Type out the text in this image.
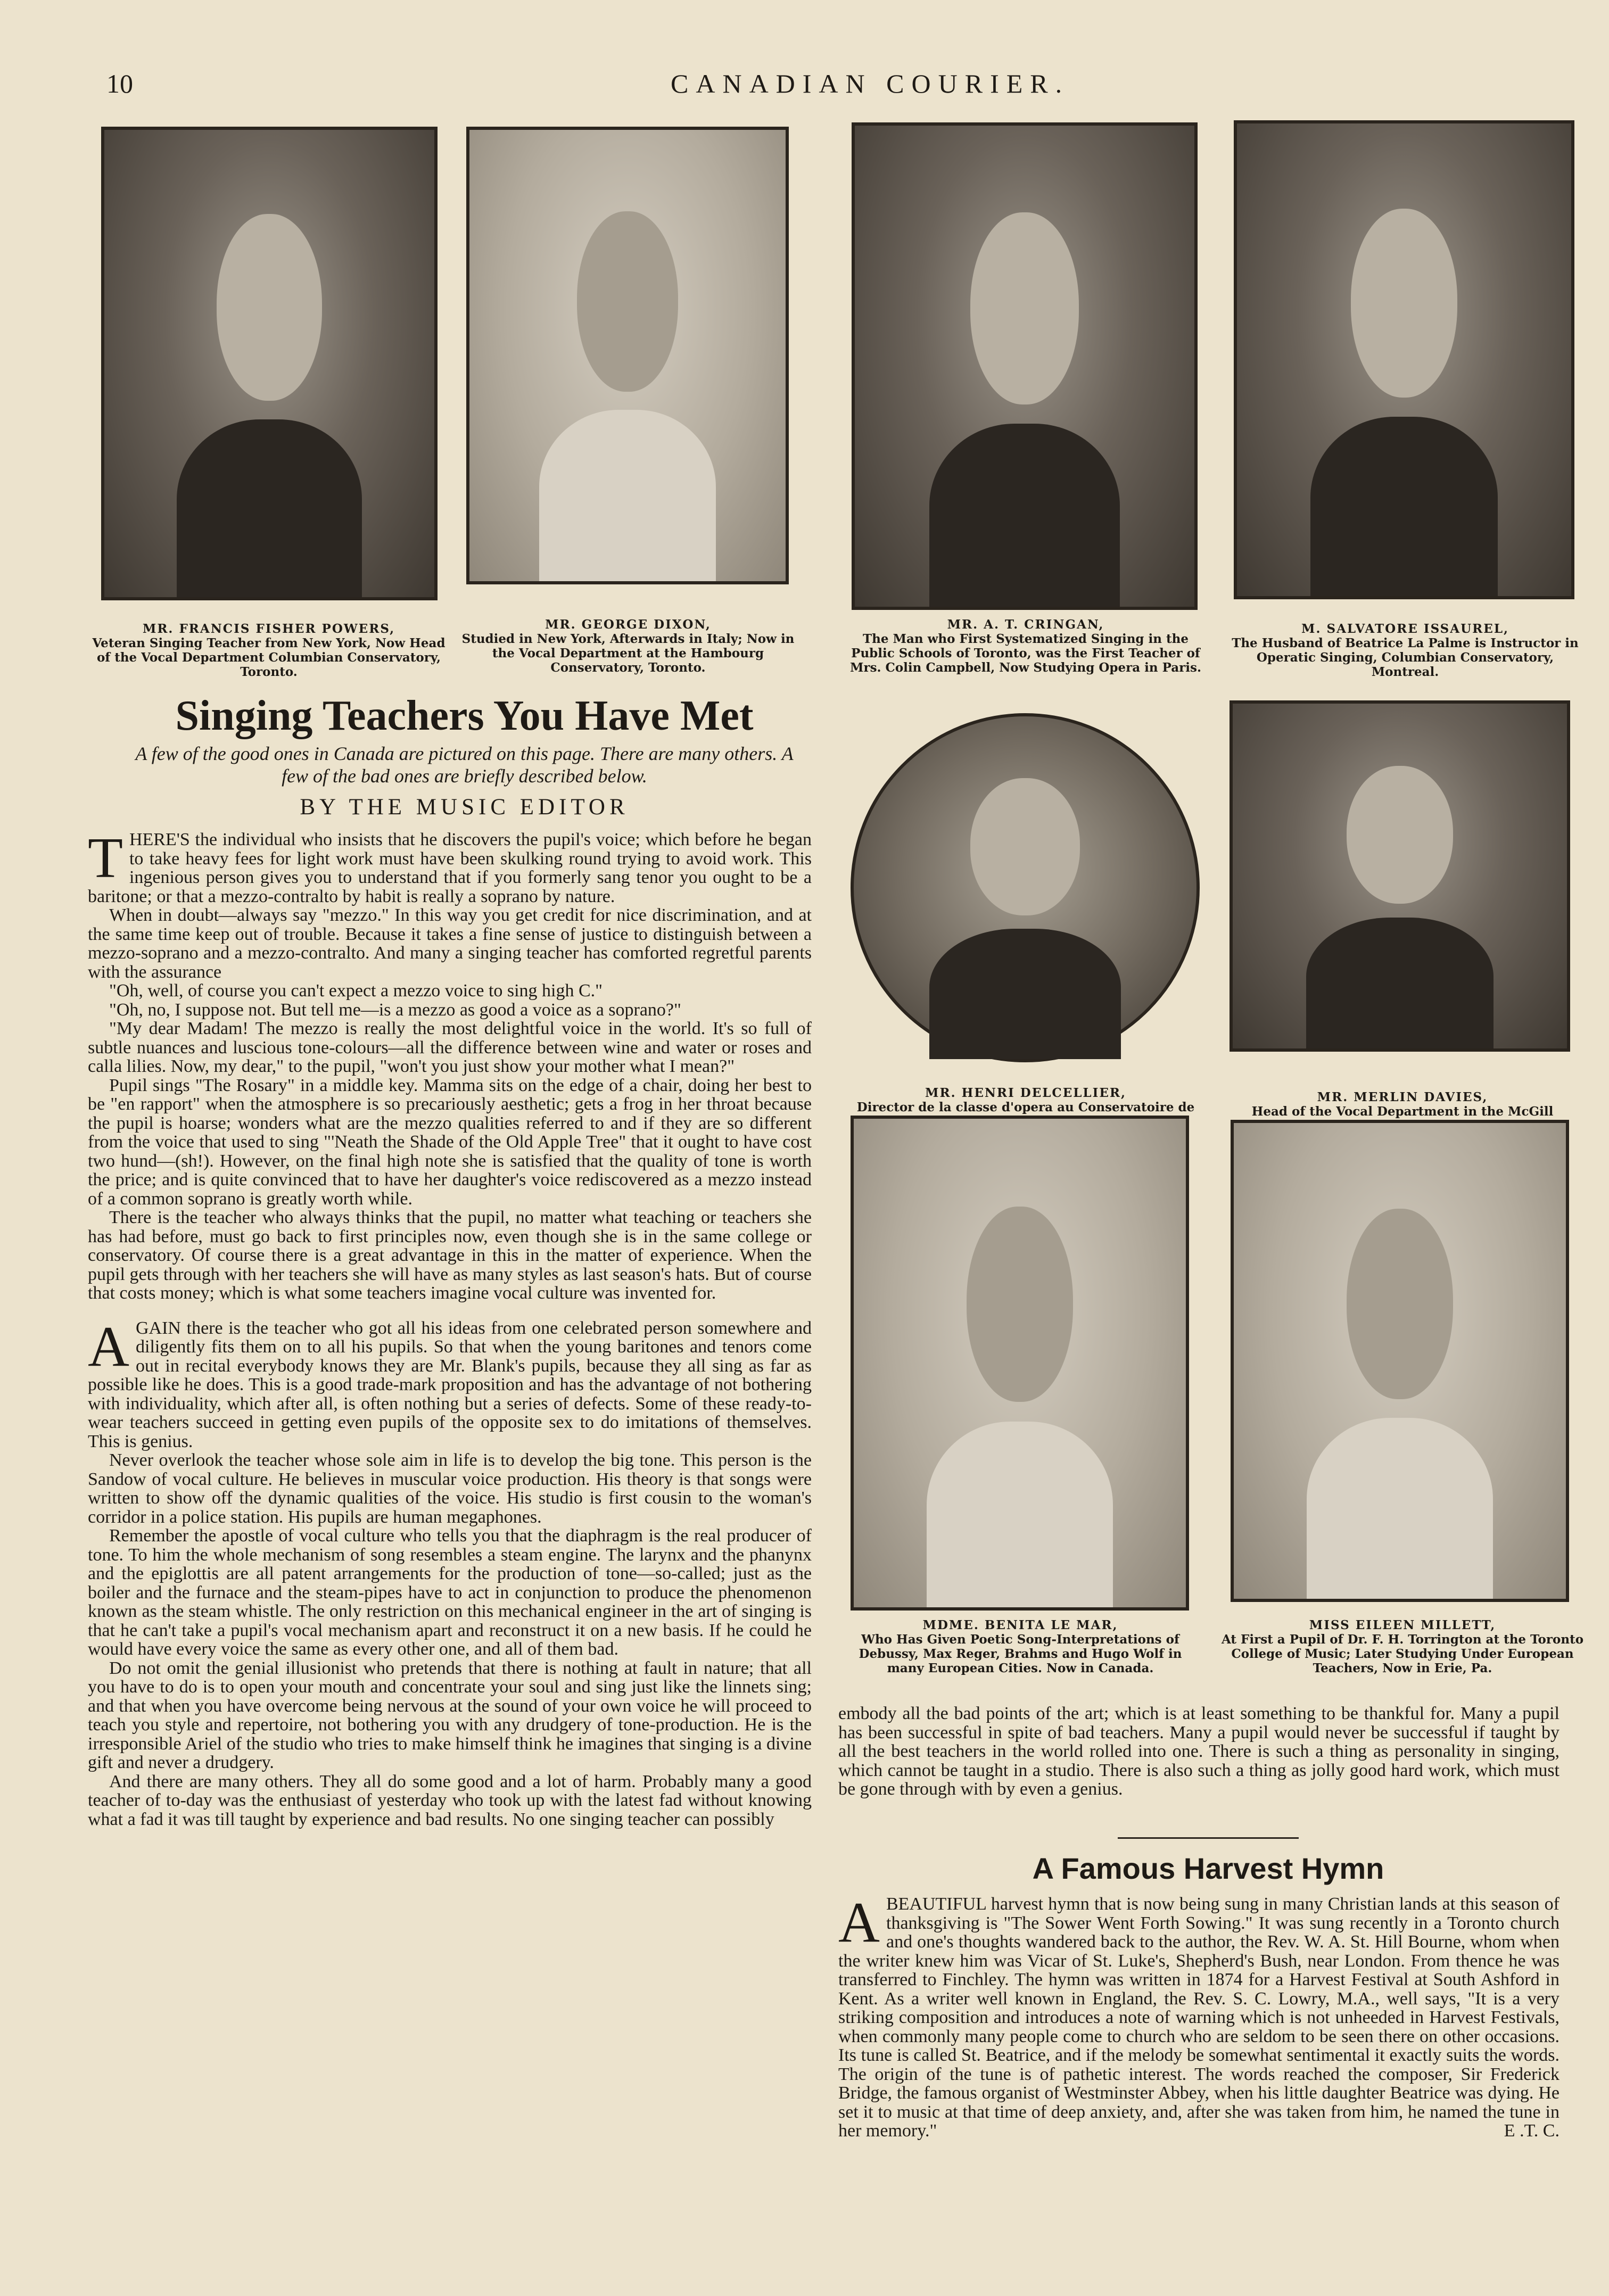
10	CANADIAN COURIER.
MR. FRANCIS FISHER POWERS,
Veteran Singing Teacher from New York, Now Head of the Vocal Department Columbian Conservatory, Toronto.
MR. GEORGE DIXON,
Studied in New York, Afterwards in Italy; Now in the Vocal Department at the Hambourg Conservatory, Toronto.
MR. A. T. CRINGAN,
The Man who First Systematized Singing in the Public Schools of Toronto, was the First Teacher of Mrs. Colin Campbell, Now Studying Opera in Paris.
M. SALVATORE ISSAUREL,
The Husband of Beatrice La Palme is Instructor in Operatic Singing, Columbian Conservatory, Montreal.
Singing Teachers You Have Met
A few of the good ones in Canada are pictured on this page. There are many others. A few of the bad ones are briefly described below.
BY THE MUSIC EDITOR
MR. HENRI DELCELLIER,
Director de la classe d'opera au Conservatoire de
MR. MERLIN DAVIES,
Head of the Vocal Department in the McGill
MDME. BENITA LE MAR,
Who Has Given Poetic Song-Interpretations of Debussy, Max Reger, Brahms and Hugo Wolf in many European Cities. Now in Canada.
MISS EILEEN MILLETT,
At First a Pupil of Dr. F. H. Torrington at the Toronto College of Music; Later Studying Under European Teachers, Now in Erie, Pa.

THERE'S the individual who insists that he discovers the pupil's voice; which before he began to take heavy fees for light work must have been skulking round trying to avoid work. This ingenious person gives you to understand that if you formerly sang tenor you ought to be a baritone; or that a mezzo-contralto by habit is really a soprano by nature.

When in doubt—always say "mezzo." In this way you get credit for nice discrimination, and at the same time keep out of trouble. Because it takes a fine sense of justice to distinguish between a mezzo-soprano and a mezzo-contralto. And many a singing teacher has comforted regretful parents with the assurance

"Oh, well, of course you can't expect a mezzo voice to sing high C."

"Oh, no, I suppose not. But tell me—is a mezzo as good a voice as a soprano?"

"My dear Madam! The mezzo is really the most delightful voice in the world. It's so full of subtle nuances and luscious tone-colours—all the difference between wine and water or roses and calla lilies. Now, my dear," to the pupil, "won't you just show your mother what I mean?"

Pupil sings "The Rosary" in a middle key. Mamma sits on the edge of a chair, doing her best to be "en rapport" when the atmosphere is so precariously aesthetic; gets a frog in her throat because the pupil is hoarse; wonders what are the mezzo qualities referred to and if they are so different from the voice that used to sing "'Neath the Shade of the Old Apple Tree" that it ought to have cost two hund—(sh!). However, on the final high note she is satisfied that the quality of tone is worth the price; and is quite convinced that to have her daughter's voice rediscovered as a mezzo instead of a common soprano is greatly worth while.

There is the teacher who always thinks that the pupil, no matter what teaching or teachers she has had before, must go back to first principles now, even though she is in the same college or conservatory. Of course there is a great advantage in this in the matter of experience. When the pupil gets through with her teachers she will have as many styles as last season's hats. But of course that costs money; which is what some teachers imagine vocal culture was invented for.

AGAIN there is the teacher who got all his ideas from one celebrated person somewhere and diligently fits them on to all his pupils. So that when the young baritones and tenors come out in recital everybody knows they are Mr. Blank's pupils, because they all sing as far as possible like he does. This is a good trade-mark proposition and has the advantage of not bothering with individuality, which after all, is often nothing but a series of defects. Some of these ready-to-wear teachers succeed in getting even pupils of the opposite sex to do imitations of themselves. This is genius.

Never overlook the teacher whose sole aim in life is to develop the big tone. This person is the Sandow of vocal culture. He believes in muscular voice production. His theory is that songs were written to show off the dynamic qualities of the voice. His studio is first cousin to the woman's corridor in a police station. His pupils are human megaphones.

Remember the apostle of vocal culture who tells you that the diaphragm is the real producer of tone. To him the whole mechanism of song resembles a steam engine. The larynx and the phanynx and the epiglottis are all patent arrangements for the production of tone—so-called; just as the boiler and the furnace and the steam-pipes have to act in conjunction to produce the phenomenon known as the steam whistle. The only restriction on this mechanical engineer in the art of singing is that he can't take a pupil's vocal mechanism apart and reconstruct it on a new basis. If he could he would have every voice the same as every other one, and all of them bad.

Do not omit the genial illusionist who pretends that there is nothing at fault in nature; that all you have to do is to open your mouth and concentrate your soul and sing just like the linnets sing; and that when you have overcome being nervous at the sound of your own voice he will proceed to teach you style and repertoire, not bothering you with any drudgery of tone-production. He is the irresponsible Ariel of the studio who tries to make himself think he imagines that singing is a divine gift and never a drudgery.

And there are many others. They all do some good and a lot of harm. Probably many a good teacher of to-day was the enthusiast of yesterday who took up with the latest fad without knowing what a fad it was till taught by experience and bad results. No one singing teacher can possibly

embody all the bad points of the art; which is at least something to be thankful for. Many a pupil has been successful in spite of bad teachers. Many a pupil would never be successful if taught by all the best teachers in the world rolled into one. There is such a thing as personality in singing, which cannot be taught in a studio. There is also such a thing as jolly good hard work, which must be gone through with by even a genius.

A Famous Harvest Hymn

ABEAUTIFUL harvest hymn that is now being sung in many Christian lands at this season of thanksgiving is "The Sower Went Forth Sowing." It was sung recently in a Toronto church and one's thoughts wandered back to the author, the Rev. W. A. St. Hill Bourne, whom when the writer knew him was Vicar of St. Luke's, Shepherd's Bush, near London. From thence he was transferred to Finchley. The hymn was written in 1874 for a Harvest Festival at South Ashford in Kent. As a writer well known in England, the Rev. S. C. Lowry, M.A., well says, "It is a very striking composition and introduces a note of warning which is not unheeded in Harvest Festivals, when commonly many people come to church who are seldom to be seen there on other occasions. Its tune is called St. Beatrice, and if the melody be somewhat sentimental it exactly suits the words. The origin of the tune is of pathetic interest. The words reached the composer, Sir Frederick Bridge, the famous organist of Westminster Abbey, when his little daughter Beatrice was dying. He set it to music at that time of deep anxiety, and, after she was taken from him, he named the tune in her memory."	E .T. C.
